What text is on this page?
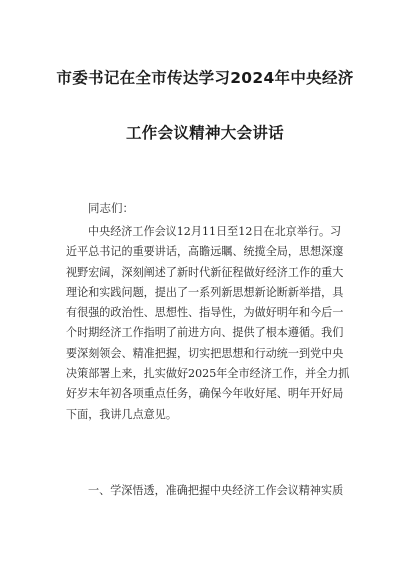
市委书记在全市传达学习2024年中央经济
工作会议精神大会讲话
同志们：
中央经济工作会议12月11日至12日在北京举行。习
近平总书记的重要讲话，高瞻远瞩、统揽全局，思想深邃
视野宏阔，深刻阐述了新时代新征程做好经济工作的重大
理论和实践问题，提出了一系列新思想新论断新举措，具
有很强的政治性、思想性、指导性，为做好明年和今后一
个时期经济工作指明了前进方向、提供了根本遵循。我们
要深刻领会、精准把握，切实把思想和行动统一到党中央
决策部署上来，扎实做好2025年全市经济工作，并全力抓
好岁末年初各项重点任务，确保今年收好尾、明年开好局
下面，我讲几点意见。
一、学深悟透，准确把握中央经济工作会议精神实质
